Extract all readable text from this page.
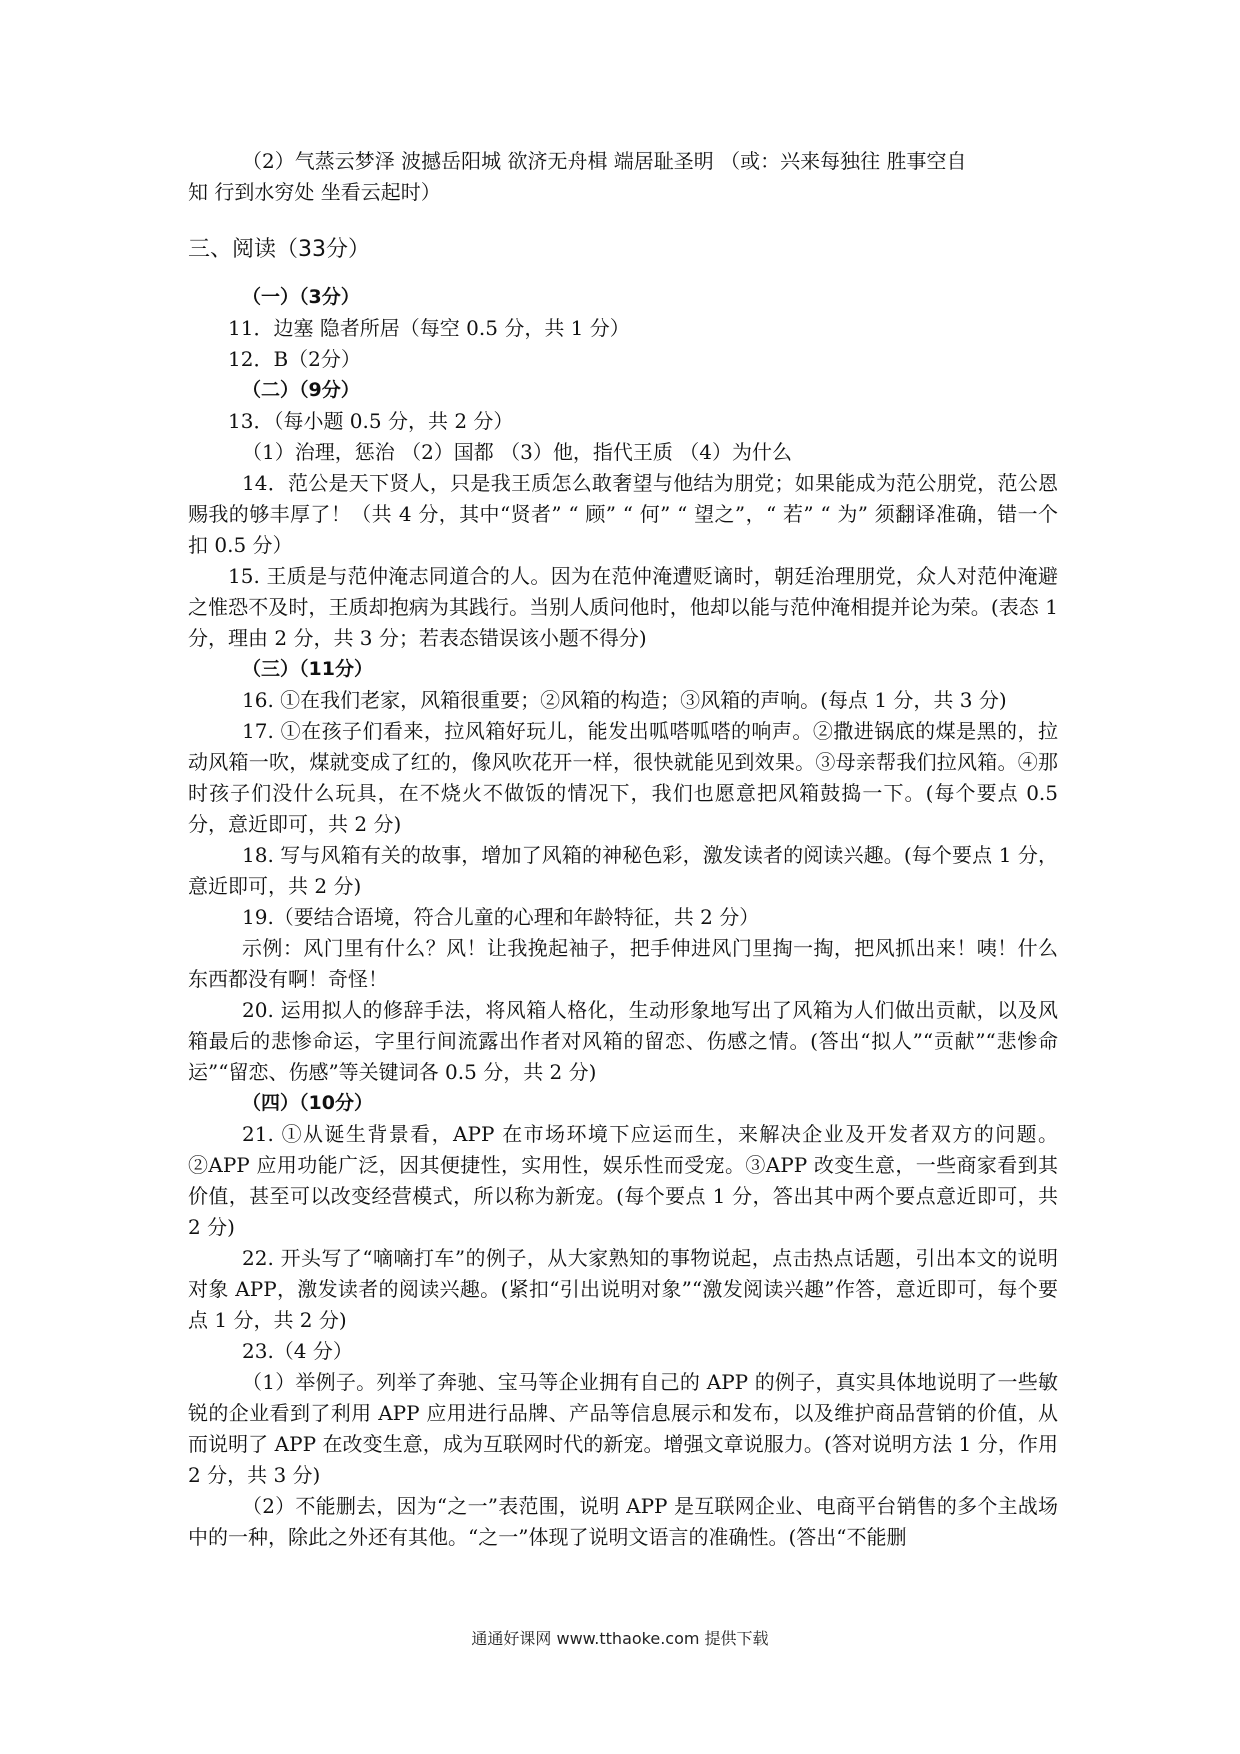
（2）气蒸云梦泽 波撼岳阳城 欲济无舟楫 端居耻圣明 （或：兴来每独往 胜事空自

知 行到水穷处 坐看云起时）

三、阅读（33分）

（一）（3分）

11．边塞 隐者所居（每空 0.5 分，共 1 分）

12．B（2分）

（二）（9分）

13．（每小题 0.5 分，共 2 分）

（1）治理，惩治 （2）国都 （3）他，指代王质 （4）为什么

14．范公是天下贤人，只是我王质怎么敢奢望与他结为朋党；如果能成为范公朋党，范公恩赐我的够丰厚了！（共 4 分，其中“贤者” “ 顾” “ 何” “ 望之”，“ 若” “ 为” 须翻译准确，错一个扣 0.5 分）

15. 王质是与范仲淹志同道合的人。因为在范仲淹遭贬谪时，朝廷治理朋党，众人对范仲淹避之惟恐不及时，王质却抱病为其践行。当别人质问他时，他却以能与范仲淹相提并论为荣。(表态 1 分，理由 2 分，共 3 分；若表态错误该小题不得分)

（三）（11分）

16. ①在我们老家，风箱很重要；②风箱的构造；③风箱的声响。(每点 1 分，共 3 分)

17. ①在孩子们看来，拉风箱好玩儿，能发出呱嗒呱嗒的响声。②撒进锅底的煤是黑的，拉动风箱一吹，煤就变成了红的，像风吹花开一样，很快就能见到效果。③母亲帮我们拉风箱。④那时孩子们没什么玩具，在不烧火不做饭的情况下，我们也愿意把风箱鼓捣一下。(每个要点 0.5 分，意近即可，共 2 分)

18. 写与风箱有关的故事，增加了风箱的神秘色彩，激发读者的阅读兴趣。(每个要点 1 分，意近即可，共 2 分)

19.（要结合语境，符合儿童的心理和年龄特征，共 2 分）

示例：风门里有什么？风！让我挽起袖子，把手伸进风门里掏一掏，把风抓出来！咦！什么东西都没有啊！奇怪！

20. 运用拟人的修辞手法，将风箱人格化，生动形象地写出了风箱为人们做出贡献，以及风箱最后的悲惨命运，字里行间流露出作者对风箱的留恋、伤感之情。(答出“拟人”“贡献”“悲惨命运”“留恋、伤感”等关键词各 0.5 分，共 2 分)

（四）（10分）

21. ①从诞生背景看，APP 在市场环境下应运而生，来解决企业及开发者双方的问题。②APP 应用功能广泛，因其便捷性，实用性，娱乐性而受宠。③APP 改变生意，一些商家看到其价值，甚至可以改变经营模式，所以称为新宠。(每个要点 1 分，答出其中两个要点意近即可，共 2 分)

22. 开头写了“嘀嘀打车”的例子，从大家熟知的事物说起，点击热点话题，引出本文的说明对象 APP，激发读者的阅读兴趣。(紧扣“引出说明对象”“激发阅读兴趣”作答，意近即可，每个要点 1 分，共 2 分)

23.（4 分）

（1）举例子。列举了奔驰、宝马等企业拥有自己的 APP 的例子，真实具体地说明了一些敏锐的企业看到了利用 APP 应用进行品牌、产品等信息展示和发布，以及维护商品营销的价值，从而说明了 APP 在改变生意，成为互联网时代的新宠。增强文章说服力。(答对说明方法 1 分，作用 2 分，共 3 分)

（2）不能删去，因为“之一”表范围，说明 APP 是互联网企业、电商平台销售的多个主战场中的一种，除此之外还有其他。“之一”体现了说明文语言的准确性。(答出“不能删

通通好课网 www.tthaoke.com 提供下载
